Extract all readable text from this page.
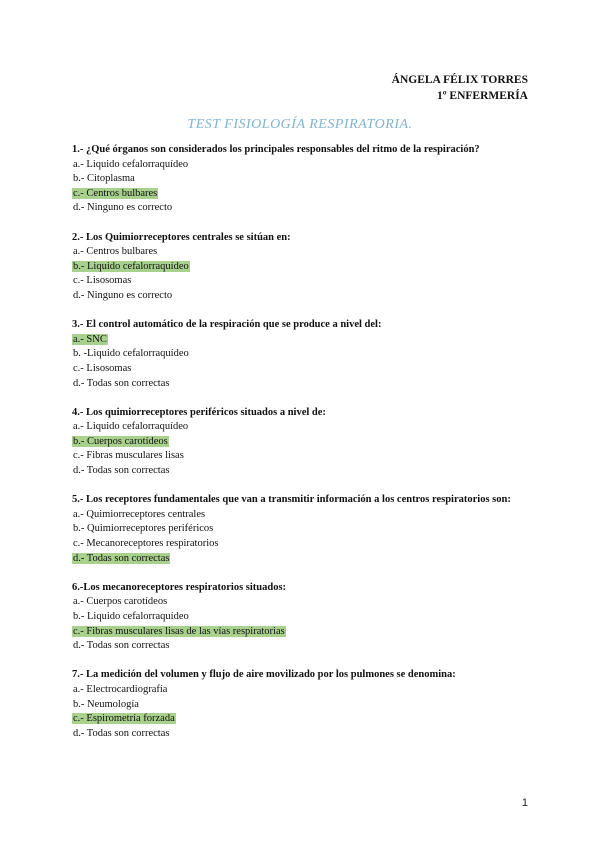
ÁNGELA FÉLIX TORRES
1º ENFERMERÍA
TEST FISIOLOGÍA RESPIRATORIA.
1.- ¿Qué órganos son considerados los principales responsables del ritmo de la respiración?
a.- Liquido cefalorraquídeo
b.- Citoplasma
c.- Centros bulbares
d.- Ninguno es correcto
2.- Los Quimiorreceptores centrales se sitúan en:
a.- Centros bulbares
b.- Liquido cefalorraquídeo
c.- Lisosomas
d.- Ninguno es correcto
3.- El control automático de la respiración que se produce a nivel del:
a.- SNC
b. -Liquido cefalorraquídeo
c.- Lisosomas
d.- Todas son correctas
4.- Los quimiorreceptores periféricos situados a nivel de:
a.- Liquido cefalorraquídeo
b.- Cuerpos carotídeos
c.- Fibras musculares lisas
d.- Todas son correctas
5.- Los receptores fundamentales que van a transmitir información a los centros respiratorios son:
a.- Quimiorreceptores centrales
b.- Quimiorreceptores periféricos
c.- Mecanoreceptores respiratorios
d.- Todas son correctas
6.-Los mecanoreceptores respiratorios situados:
a.- Cuerpos carotídeos
b.- Liquido cefalorraquídeo
c.- Fibras musculares lisas de las vías respiratorias
d.- Todas son correctas
7.- La medición del volumen y flujo de aire movilizado por los pulmones se denomina:
a.- Electrocardiografía
b.- Neumología
c.- Espirometría forzada
d.- Todas son correctas
1
